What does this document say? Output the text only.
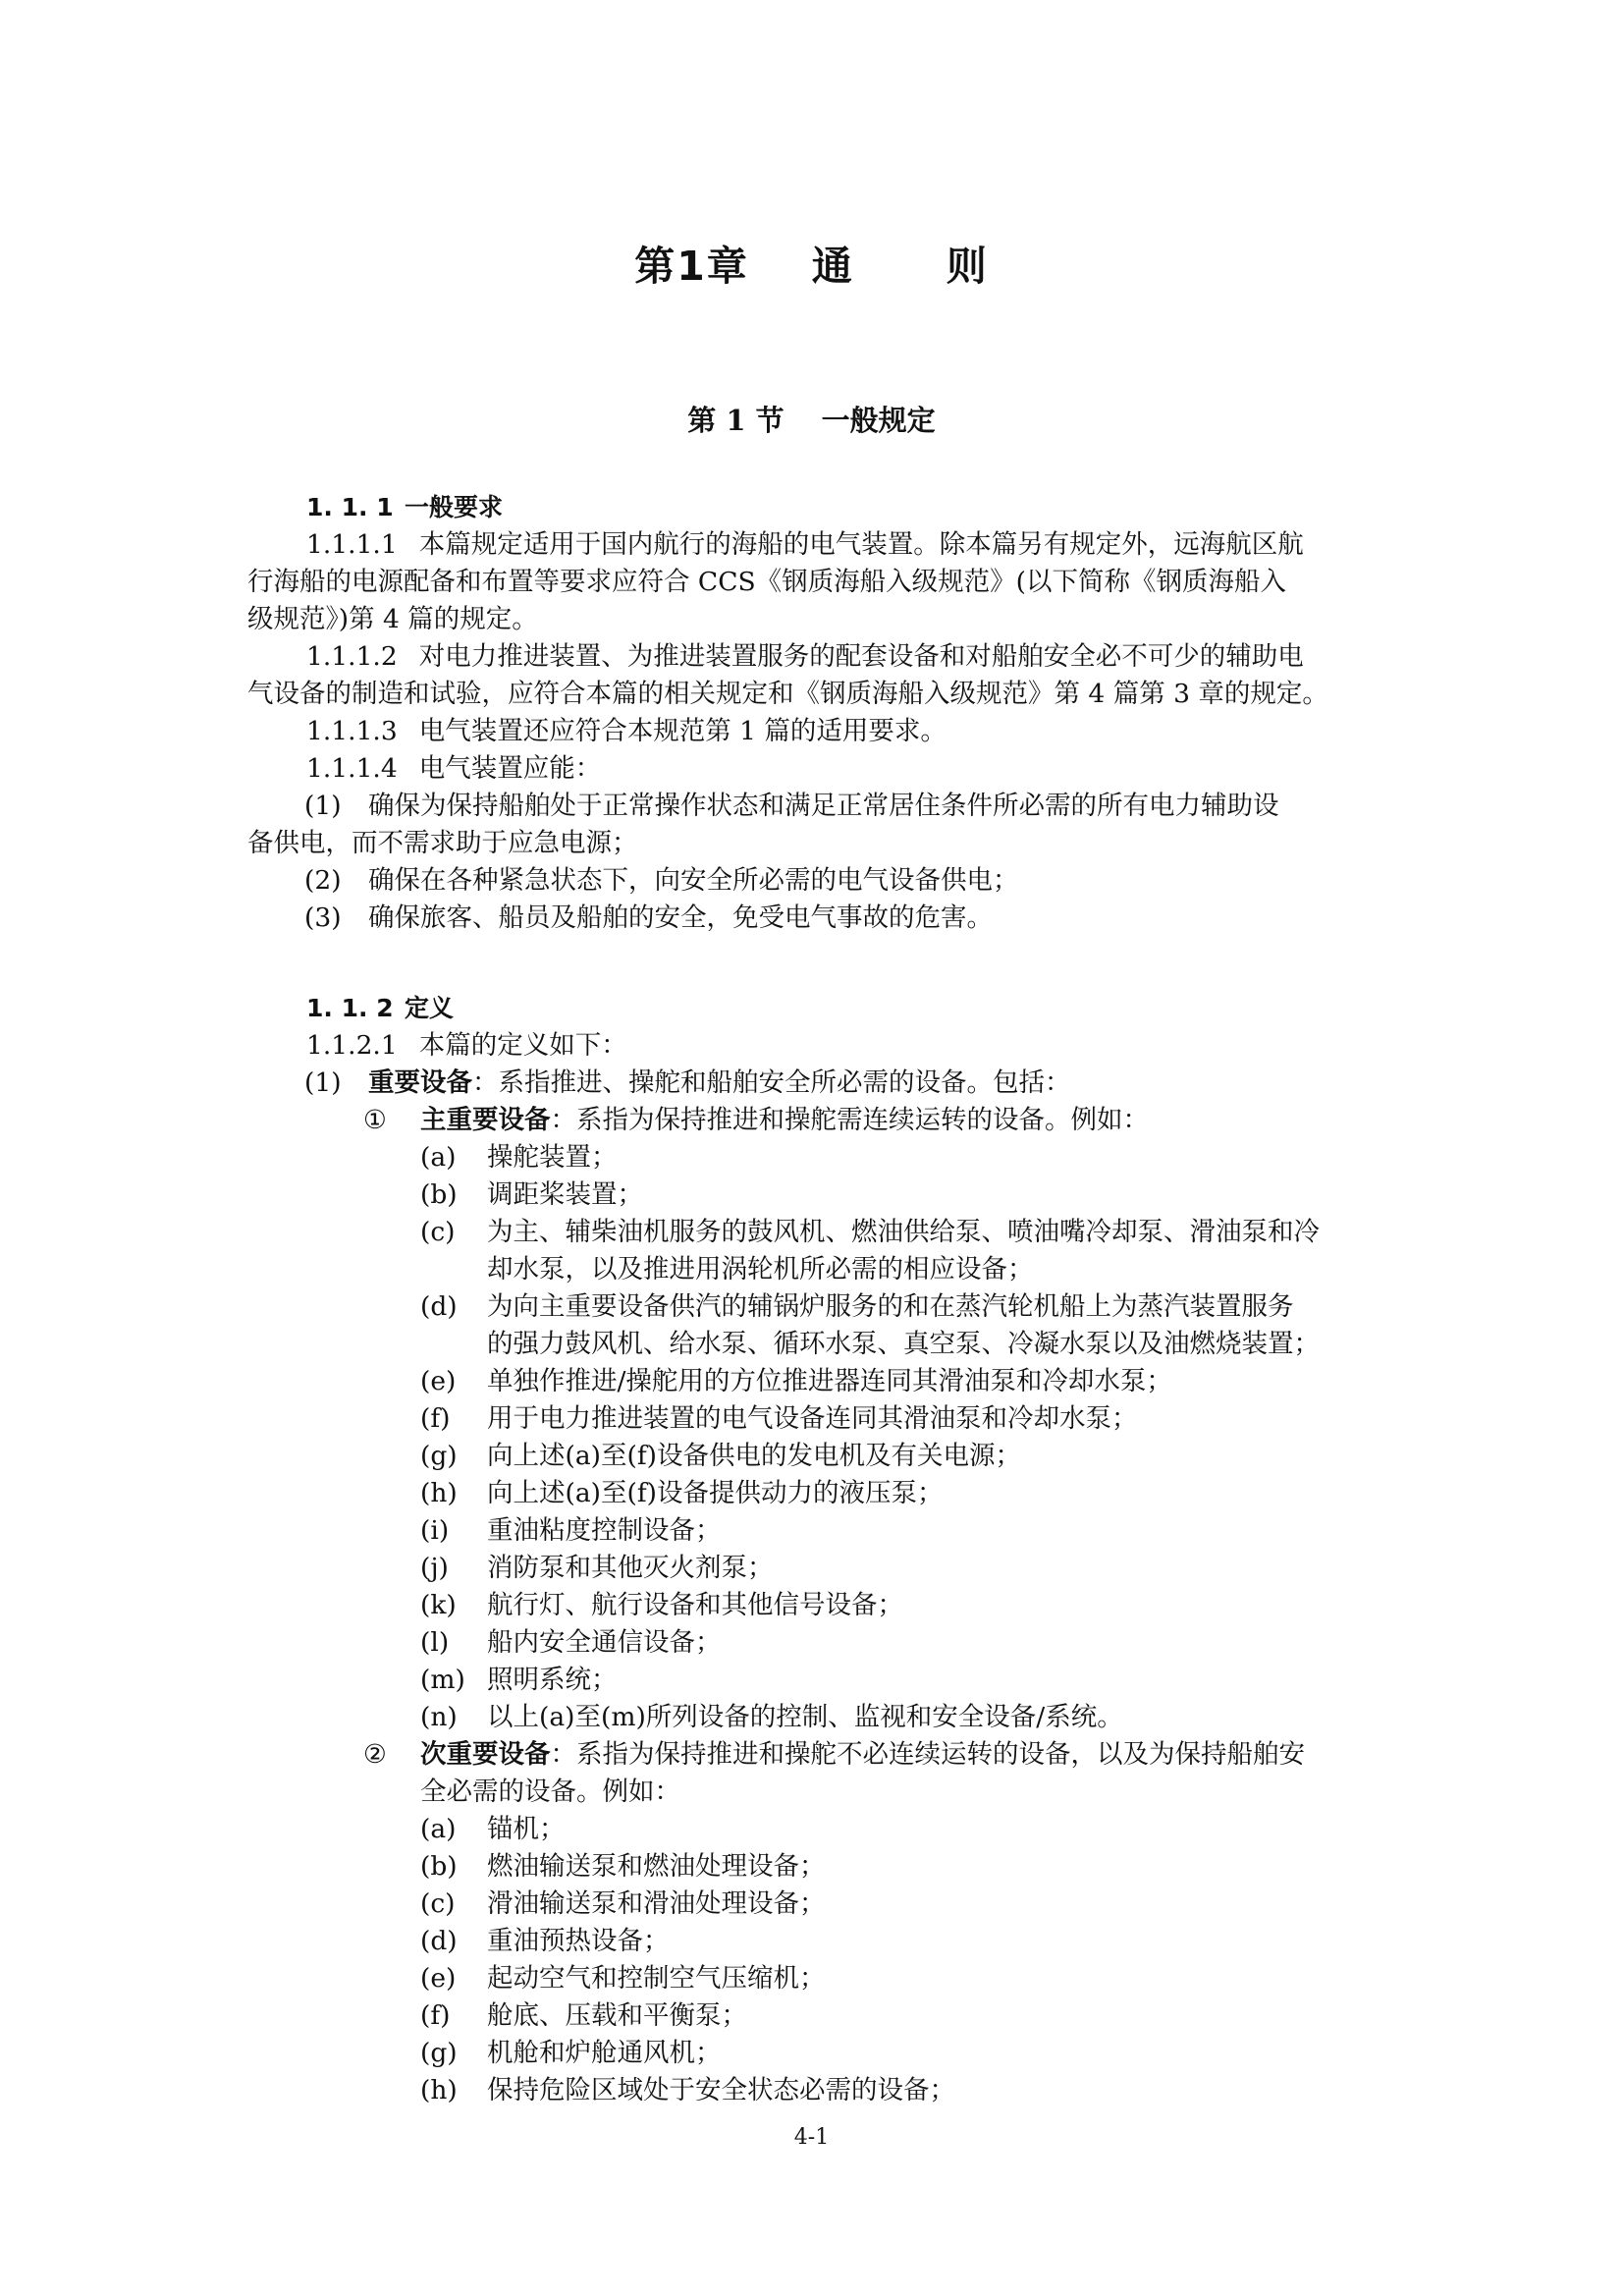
第1章 通 则
第 1 节 一般规定
1. 1. 1 一般要求
1.1.1.1 本篇规定适用于国内航行的海船的电气装置。除本篇另有规定外，远海航区航
行海船的电源配备和布置等要求应符合 CCS《钢质海船入级规范》(以下简称《钢质海船入
级规范》)第 4 篇的规定。
1.1.1.2 对电力推进装置、为推进装置服务的配套设备和对船舶安全必不可少的辅助电
气设备的制造和试验，应符合本篇的相关规定和《钢质海船入级规范》第 4 篇第 3 章的规定。
1.1.1.3 电气装置还应符合本规范第 1 篇的适用要求。
1.1.1.4 电气装置应能：
(1) 确保为保持船舶处于正常操作状态和满足正常居住条件所必需的所有电力辅助设
备供电，而不需求助于应急电源；
(2) 确保在各种紧急状态下，向安全所必需的电气设备供电；
(3) 确保旅客、船员及船舶的安全，免受电气事故的危害。
1. 1. 2 定义
1.1.2.1 本篇的定义如下：
(1) 重要设备：系指推进、操舵和船舶安全所必需的设备。包括：
① 主重要设备：系指为保持推进和操舵需连续运转的设备。例如：
(a) 操舵装置；
(b) 调距桨装置；
(c) 为主、辅柴油机服务的鼓风机、燃油供给泵、喷油嘴冷却泵、滑油泵和冷
却水泵，以及推进用涡轮机所必需的相应设备；
(d) 为向主重要设备供汽的辅锅炉服务的和在蒸汽轮机船上为蒸汽装置服务
的强力鼓风机、给水泵、循环水泵、真空泵、冷凝水泵以及油燃烧装置；
(e) 单独作推进/操舵用的方位推进器连同其滑油泵和冷却水泵；
(f) 用于电力推进装置的电气设备连同其滑油泵和冷却水泵；
(g) 向上述(a)至(f)设备供电的发电机及有关电源；
(h) 向上述(a)至(f)设备提供动力的液压泵；
(i) 重油粘度控制设备；
(j) 消防泵和其他灭火剂泵；
(k) 航行灯、航行设备和其他信号设备；
(l) 船内安全通信设备；
(m) 照明系统；
(n) 以上(a)至(m)所列设备的控制、监视和安全设备/系统。
② 次重要设备：系指为保持推进和操舵不必连续运转的设备，以及为保持船舶安
全必需的设备。例如：
(a) 锚机；
(b) 燃油输送泵和燃油处理设备；
(c) 滑油输送泵和滑油处理设备；
(d) 重油预热设备；
(e) 起动空气和控制空气压缩机；
(f) 舱底、压载和平衡泵；
(g) 机舱和炉舱通风机；
(h) 保持危险区域处于安全状态必需的设备；
4-1
